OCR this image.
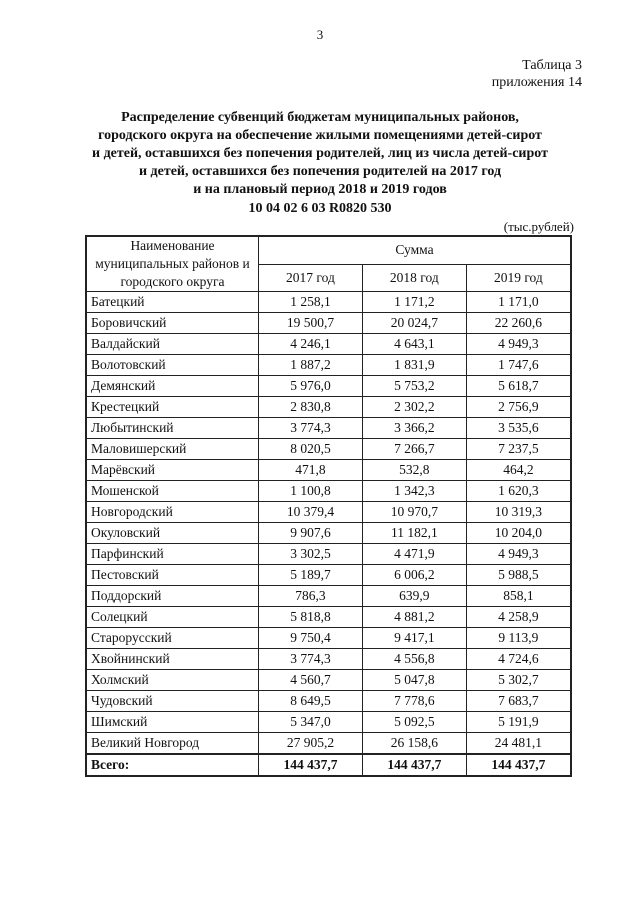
3
Таблица 3
приложения 14
Распределение субвенций бюджетам муниципальных районов,
городского округа на обеспечение жилыми помещениями детей-сирот
и детей, оставшихся без попечения родителей, лиц из числа детей-сирот
и детей, оставшихся без попечения родителей на 2017 год
и на плановый период 2018 и 2019 годов
10 04 02 6 03 R0820 530
(тыс.рублей)
Наименование муниципальных районов и городского округа	Сумма		
	2017 год	2018 год	2019 год
Батецкий	1 258,1	1 171,2	1 171,0
Боровичский	19 500,7	20 024,7	22 260,6
Валдайский	4 246,1	4 643,1	4 949,3
Волотовский	1 887,2	1 831,9	1 747,6
Демянский	5 976,0	5 753,2	5 618,7
Крестецкий	2 830,8	2 302,2	2 756,9
Любытинский	3 774,3	3 366,2	3 535,6
Маловишерский	8 020,5	7 266,7	7 237,5
Марёвский	471,8	532,8	464,2
Мошенской	1 100,8	1 342,3	1 620,3
Новгородский	10 379,4	10 970,7	10 319,3
Окуловский	9 907,6	11 182,1	10 204,0
Парфинский	3 302,5	4 471,9	4 949,3
Пестовский	5 189,7	6 006,2	5 988,5
Поддорский	786,3	639,9	858,1
Солецкий	5 818,8	4 881,2	4 258,9
Старорусский	9 750,4	9 417,1	9 113,9
Хвойнинский	3 774,3	4 556,8	4 724,6
Холмский	4 560,7	5 047,8	5 302,7
Чудовский	8 649,5	7 778,6	7 683,7
Шимский	5 347,0	5 092,5	5 191,9
Великий Новгород	27 905,2	26 158,6	24 481,1
Всего:	144 437,7	144 437,7	144 437,7
